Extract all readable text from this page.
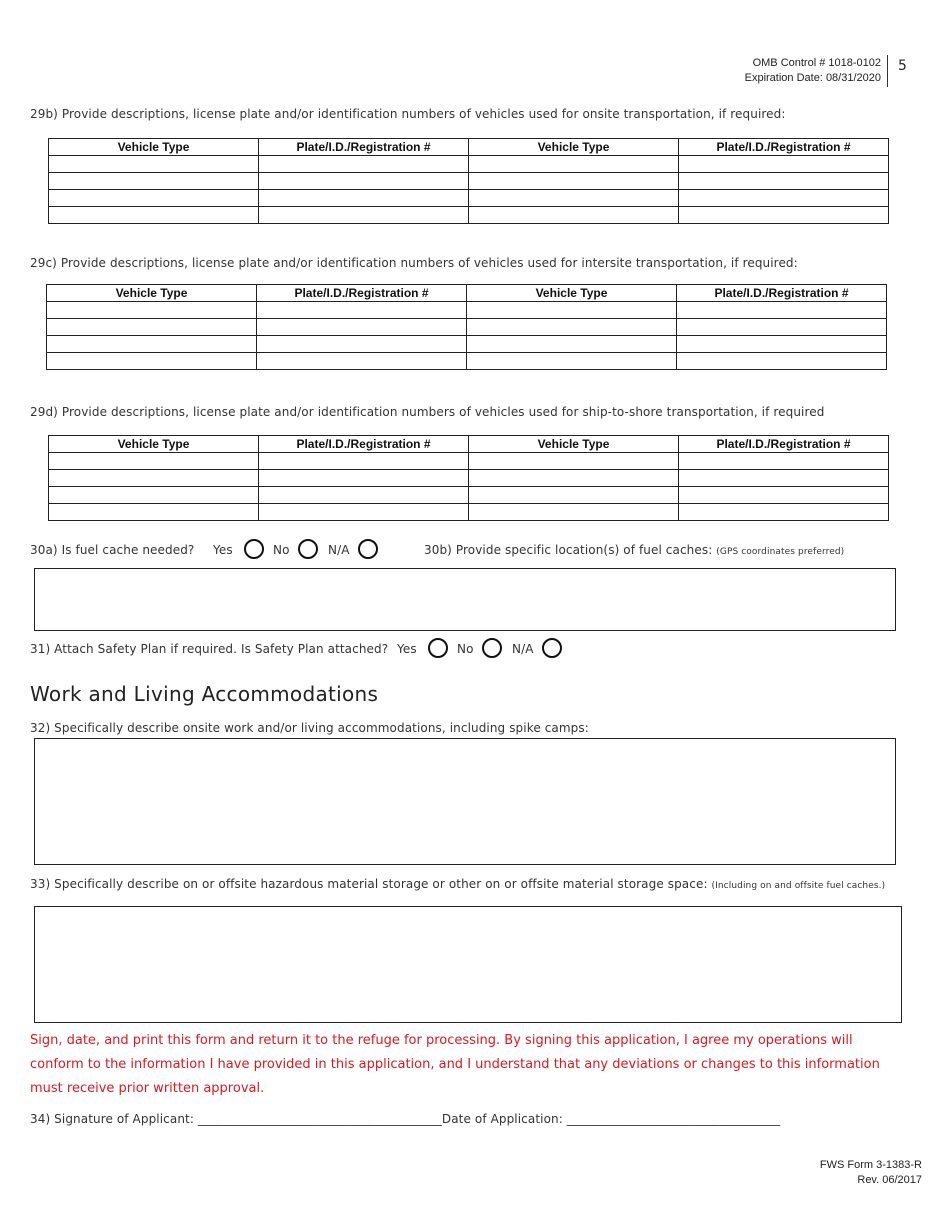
OMB Control # 1018-0102
Expiration Date: 08/31/2020
5
29b) Provide descriptions, license plate and/or identification numbers of vehicles used for onsite transportation, if required:
Vehicle Type	Plate/I.D./Registration #	Vehicle Type	Plate/I.D./Registration #

29c) Provide descriptions, license plate and/or identification numbers of vehicles used for intersite transportation, if required:
Vehicle Type	Plate/I.D./Registration #	Vehicle Type	Plate/I.D./Registration #

29d) Provide descriptions, license plate and/or identification numbers of vehicles used for ship-to-shore transportation, if required
Vehicle Type	Plate/I.D./Registration #	Vehicle Type	Plate/I.D./Registration #

30a) Is fuel cache needed? Yes	No	N/A	30b) Provide specific location(s) of fuel caches: (GPS coordinates preferred)
31) Attach Safety Plan if required. Is Safety Plan attached? Yes	No	N/A
Work and Living Accommodations
32) Specifically describe onsite work and/or living accommodations, including spike camps:
33) Specifically describe on or offsite hazardous material storage or other on or offsite material storage space: (Including on and offsite fuel caches.)
Sign, date, and print this form and return it to the refuge for processing. By signing this application, I agree my operations will conform to the information I have provided in this application, and I understand that any deviations or changes to this information must receive prior written approval.
34) Signature of Applicant: ________________________________________Date of Application: ___________________________________
FWS Form 3-1383-R
Rev. 06/2017
